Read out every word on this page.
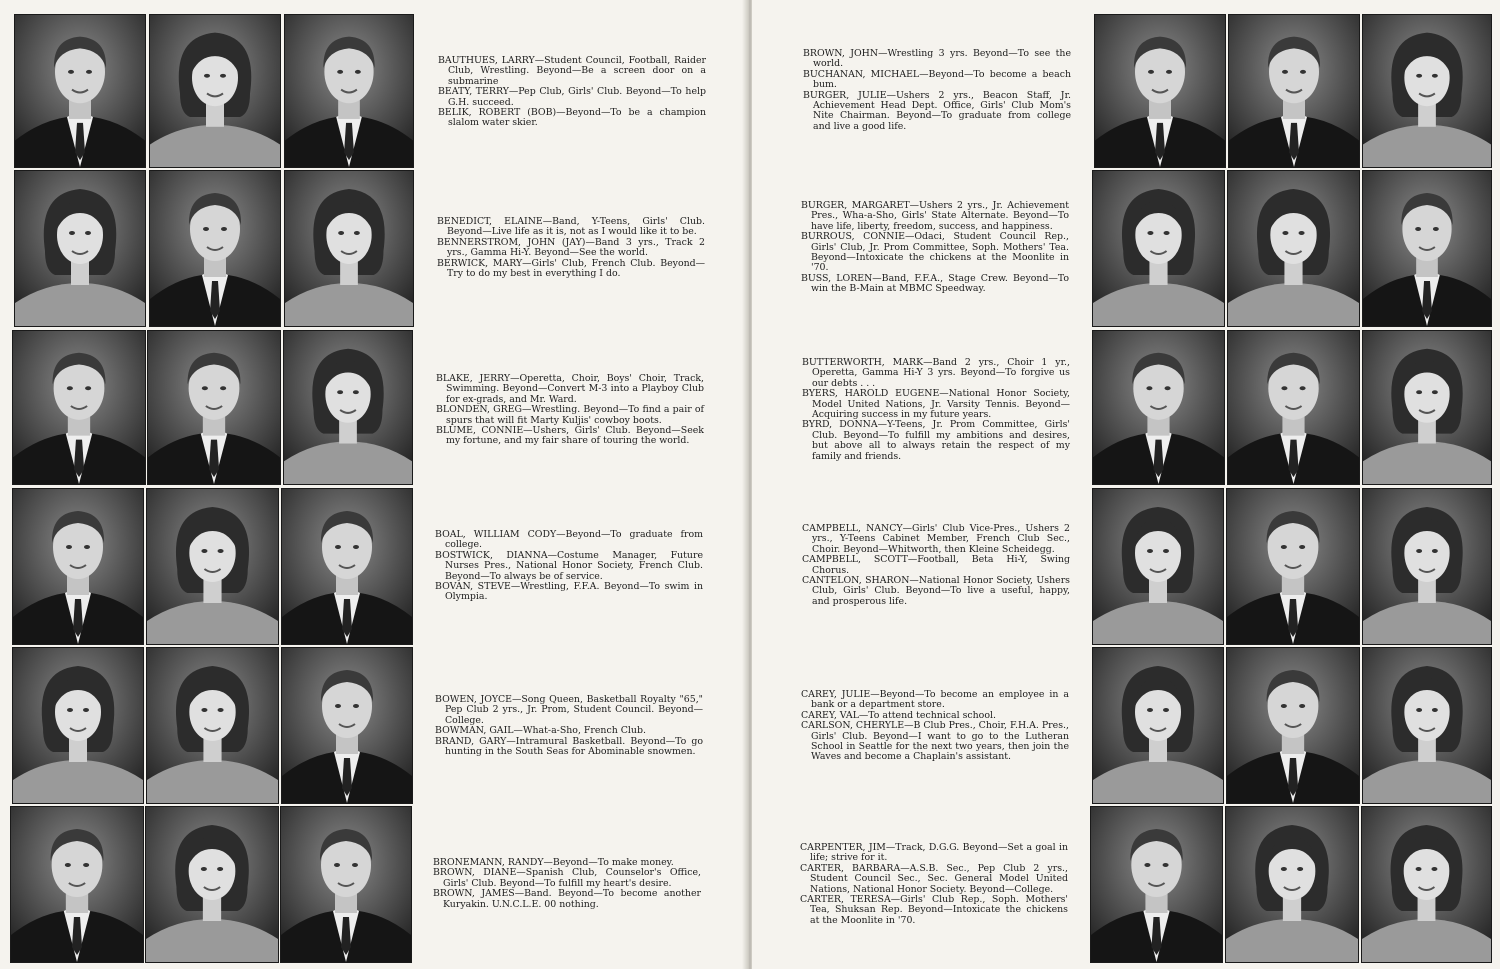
BAUTHUES, LARRY—Student Council, Football, Raider Club, Wrestling. Beyond—Be a screen door on a submarine

BEATY, TERRY—Pep Club, Girls' Club. Beyond—To help G.H. succeed.

BELIK, ROBERT (BOB)—Beyond—To be a champion slalom water skier.

BENEDICT, ELAINE—Band, Y-Teens, Girls' Club. Beyond—Live life as it is, not as I would like it to be.

BENNERSTROM, JOHN (JAY)—Band 3 yrs., Track 2 yrs., Gamma Hi-Y. Beyond—See the world.

BERWICK, MARY—Girls' Club, French Club. Beyond—Try to do my best in everything I do.

BLAKE, JERRY—Operetta, Choir, Boys' Choir, Track, Swimming. Beyond—Convert M-3 into a Playboy Club for ex-grads, and Mr. Ward.

BLONDEN, GREG—Wrestling. Beyond—To find a pair of spurs that will fit Marty Kuljis' cowboy boots.

BLUME, CONNIE—Ushers, Girls' Club. Beyond—Seek my fortune, and my fair share of touring the world.

BOAL, WILLIAM CODY—Beyond—To graduate from college.

BOSTWICK, DIANNA—Costume Manager, Future Nurses Pres., National Honor Society, French Club. Beyond—To always be of service.

BOVAN, STEVE—Wrestling, F.F.A. Beyond—To swim in Olympia.

BOWEN, JOYCE—Song Queen, Basketball Royalty "65," Pep Club 2 yrs., Jr. Prom, Student Council. Beyond—College.

BOWMAN, GAIL—What-a-Sho, French Club.

BRAND, GARY—Intramural Basketball. Beyond—To go hunting in the South Seas for Abominable snowmen.

BRONEMANN, RANDY—Beyond—To make money.

BROWN, DIANE—Spanish Club, Counselor's Office, Girls' Club. Beyond—To fulfill my heart's desire.

BROWN, JAMES—Band. Beyond—To become another Kuryakin. U.N.C.L.E. 00 nothing.

BROWN, JOHN—Wrestling 3 yrs. Beyond—To see the world.

BUCHANAN, MICHAEL—Beyond—To become a beach bum.

BURGER, JULIE—Ushers 2 yrs., Beacon Staff, Jr. Achievement Head Dept. Office, Girls' Club Mom's Nite Chairman. Beyond—To graduate from college and live a good life.

BURGER, MARGARET—Ushers 2 yrs., Jr. Achievement Pres., Wha-a-Sho, Girls' State Alternate. Beyond—To have life, liberty, freedom, success, and happiness.

BURROUS, CONNIE—Odaci, Student Council Rep., Girls' Club, Jr. Prom Committee, Soph. Mothers' Tea. Beyond—Intoxicate the chickens at the Moonlite in '70.

BUSS, LOREN—Band, F.F.A., Stage Crew. Beyond—To win the B-Main at MBMC Speedway.

BUTTERWORTH, MARK—Band 2 yrs., Choir 1 yr., Operetta, Gamma Hi-Y 3 yrs. Beyond—To forgive us our debts . . .

BYERS, HAROLD EUGENE—National Honor Society, Model United Nations, Jr. Varsity Tennis. Beyond—Acquiring success in my future years.

BYRD, DONNA—Y-Teens, Jr. Prom Committee, Girls' Club. Beyond—To fulfill my ambitions and desires, but above all to always retain the respect of my family and friends.

CAMPBELL, NANCY—Girls' Club Vice-Pres., Ushers 2 yrs., Y-Teens Cabinet Member, French Club Sec., Choir. Beyond—Whitworth, then Kleine Scheidegg.

CAMPBELL, SCOTT—Football, Beta Hi-Y, Swing Chorus.

CANTELON, SHARON—National Honor Society, Ushers Club, Girls' Club. Beyond—To live a useful, happy, and prosperous life.

CAREY, JULIE—Beyond—To become an employee in a bank or a department store.

CAREY, VAL—To attend technical school.

CARLSON, CHERYLE—B Club Pres., Choir, F.H.A. Pres., Girls' Club. Beyond—I want to go to the Lutheran School in Seattle for the next two years, then join the Waves and become a Chaplain's assistant.

CARPENTER, JIM—Track, D.G.G. Beyond—Set a goal in life; strive for it.

CARTER, BARBARA—A.S.B. Sec., Pep Club 2 yrs., Student Council Sec., Sec. General Model United Nations, National Honor Society. Beyond—College.

CARTER, TERESA—Girls' Club Rep., Soph. Mothers' Tea, Shuksan Rep. Beyond—Intoxicate the chickens at the Moonlite in '70.
